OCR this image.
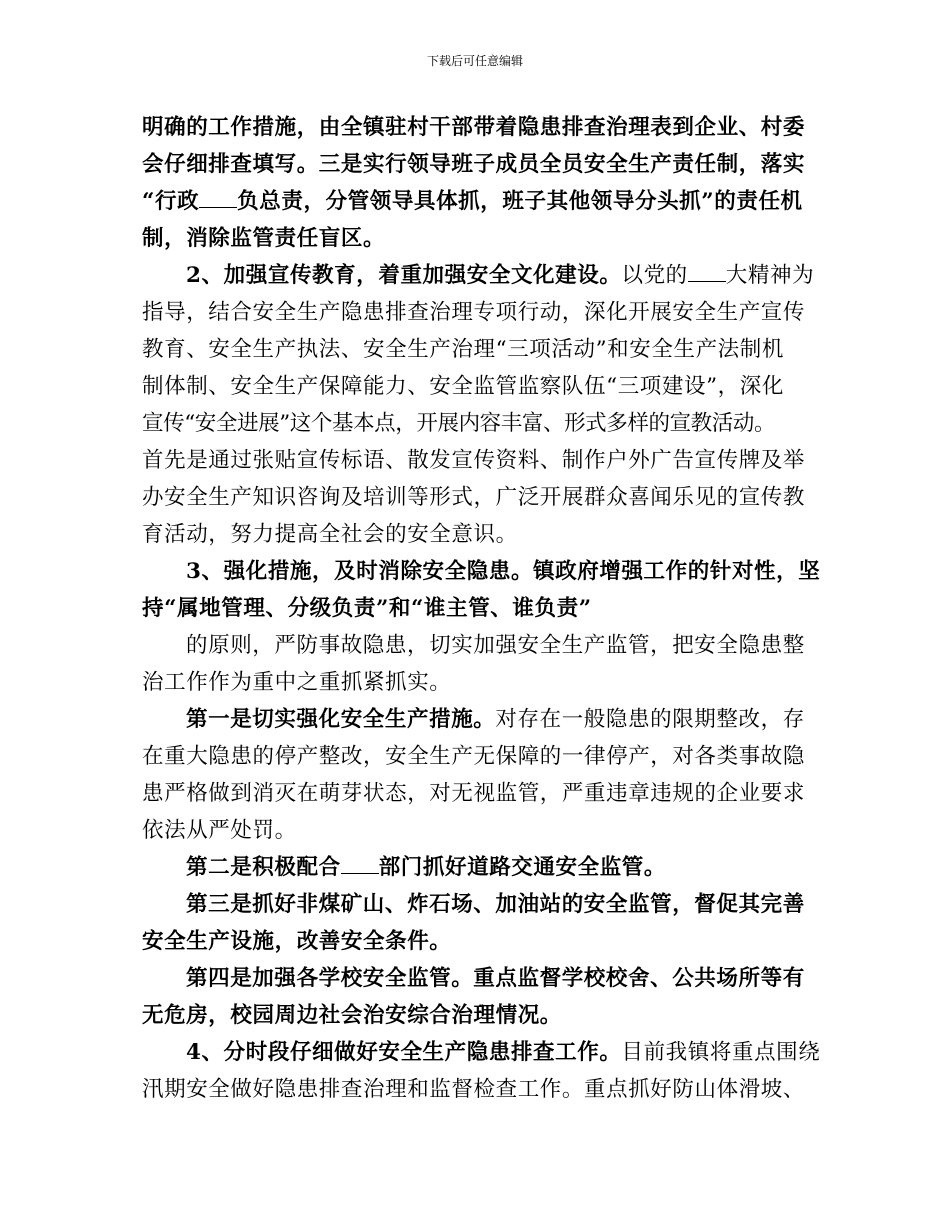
下载后可任意编辑
明确的工作措施，由全镇驻村干部带着隐患排查治理表到企业、村委
会仔细排查填写。三是实行领导班子成员全员安全生产责任制，落实
“行政 负总责，分管领导具体抓，班子其他领导分头抓”的责任机
制，消除监管责任盲区。
2、加强宣传教育，着重加强安全文化建设。以党的 大精神为
指导，结合安全生产隐患排查治理专项行动，深化开展安全生产宣传
教育、安全生产执法、安全生产治理“三项活动”和安全生产法制机
制体制、安全生产保障能力、安全监管监察队伍“三项建设”，深化
宣传“安全进展”这个基本点，开展内容丰富、形式多样的宣教活动。
首先是通过张贴宣传标语、散发宣传资料、制作户外广告宣传牌及举
办安全生产知识咨询及培训等形式，广泛开展群众喜闻乐见的宣传教
育活动，努力提高全社会的安全意识。
3、强化措施，及时消除安全隐患。镇政府增强工作的针对性，坚
持“属地管理、分级负责”和“谁主管、谁负责”
的原则，严防事故隐患，切实加强安全生产监管，把安全隐患整
治工作作为重中之重抓紧抓实。
第一是切实强化安全生产措施。对存在一般隐患的限期整改，存
在重大隐患的停产整改，安全生产无保障的一律停产，对各类事故隐
患严格做到消灭在萌芽状态，对无视监管，严重违章违规的企业要求
依法从严处罚。
第二是积极配合 部门抓好道路交通安全监管。
第三是抓好非煤矿山、炸石场、加油站的安全监管，督促其完善
安全生产设施，改善安全条件。
第四是加强各学校安全监管。重点监督学校校舍、公共场所等有
无危房，校园周边社会治安综合治理情况。
4、分时段仔细做好安全生产隐患排查工作。目前我镇将重点围绕
汛期安全做好隐患排查治理和监督检查工作。重点抓好防山体滑坡、
